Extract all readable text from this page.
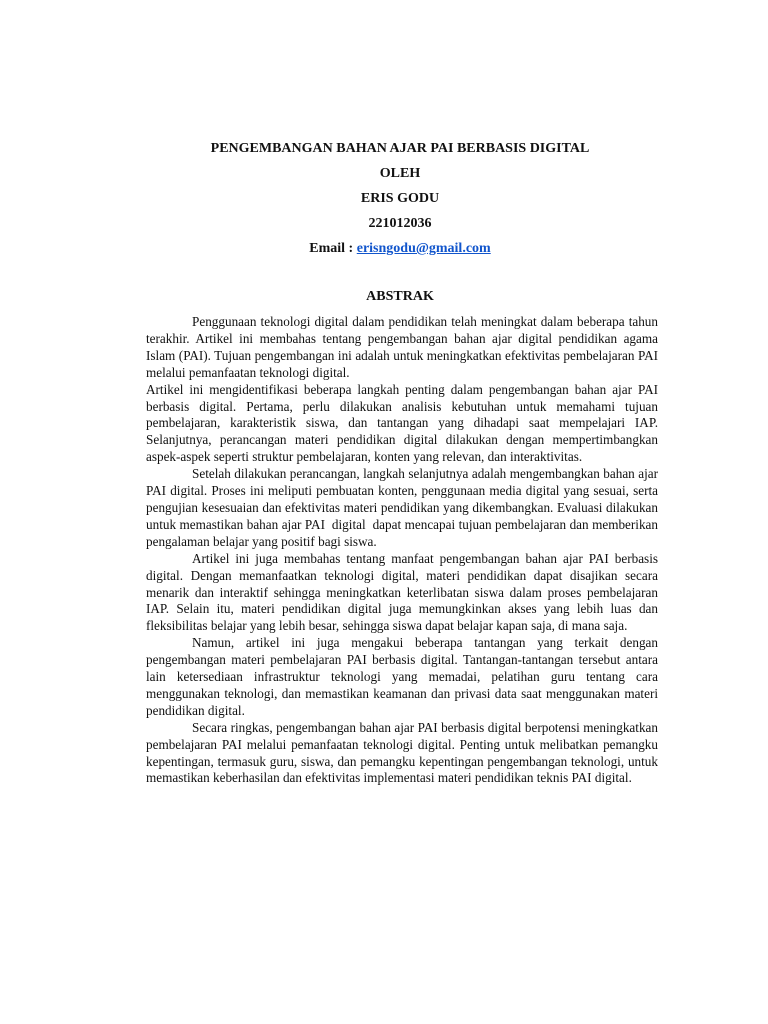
PENGEMBANGAN BAHAN AJAR PAI BERBASIS DIGITAL
OLEH
ERIS GODU
221012036
Email : erisngodu@gmail.com
ABSTRAK

Penggunaan teknologi digital dalam pendidikan telah meningkat dalam beberapa tahun terakhir. Artikel ini membahas tentang pengembangan bahan ajar digital pendidikan agama Islam (PAI). Tujuan pengembangan ini adalah untuk meningkatkan efektivitas pembelajaran PAI melalui pemanfaatan teknologi digital.

Artikel ini mengidentifikasi beberapa langkah penting dalam pengembangan bahan ajar PAI berbasis digital. Pertama, perlu dilakukan analisis kebutuhan untuk memahami tujuan pembelajaran, karakteristik siswa, dan tantangan yang dihadapi saat mempelajari IAP. Selanjutnya, perancangan materi pendidikan digital dilakukan dengan mempertimbangkan aspek-aspek seperti struktur pembelajaran, konten yang relevan, dan interaktivitas.

Setelah dilakukan perancangan, langkah selanjutnya adalah mengembangkan bahan ajar PAI digital. Proses ini meliputi pembuatan konten, penggunaan media digital yang sesuai, serta pengujian kesesuaian dan efektivitas materi pendidikan yang dikembangkan. Evaluasi dilakukan untuk memastikan bahan ajar PAI  digital  dapat mencapai tujuan pembelajaran dan memberikan pengalaman belajar yang positif bagi siswa.

Artikel ini juga membahas tentang manfaat pengembangan bahan ajar PAI berbasis digital. Dengan memanfaatkan teknologi digital, materi pendidikan dapat disajikan secara menarik dan interaktif sehingga meningkatkan keterlibatan siswa dalam proses pembelajaran IAP. Selain itu, materi pendidikan digital juga memungkinkan akses yang lebih luas dan fleksibilitas belajar yang lebih besar, sehingga siswa dapat belajar kapan saja, di mana saja.

Namun, artikel ini juga mengakui beberapa tantangan yang terkait dengan pengembangan materi pembelajaran PAI berbasis digital. Tantangan-tantangan tersebut antara lain ketersediaan infrastruktur teknologi yang memadai, pelatihan guru tentang cara menggunakan teknologi, dan memastikan keamanan dan privasi data saat menggunakan materi pendidikan digital.

Secara ringkas, pengembangan bahan ajar PAI berbasis digital berpotensi meningkatkan pembelajaran PAI melalui pemanfaatan teknologi digital. Penting untuk melibatkan pemangku kepentingan, termasuk guru, siswa, dan pemangku kepentingan pengembangan teknologi, untuk memastikan keberhasilan dan efektivitas implementasi materi pendidikan teknis PAI digital.
